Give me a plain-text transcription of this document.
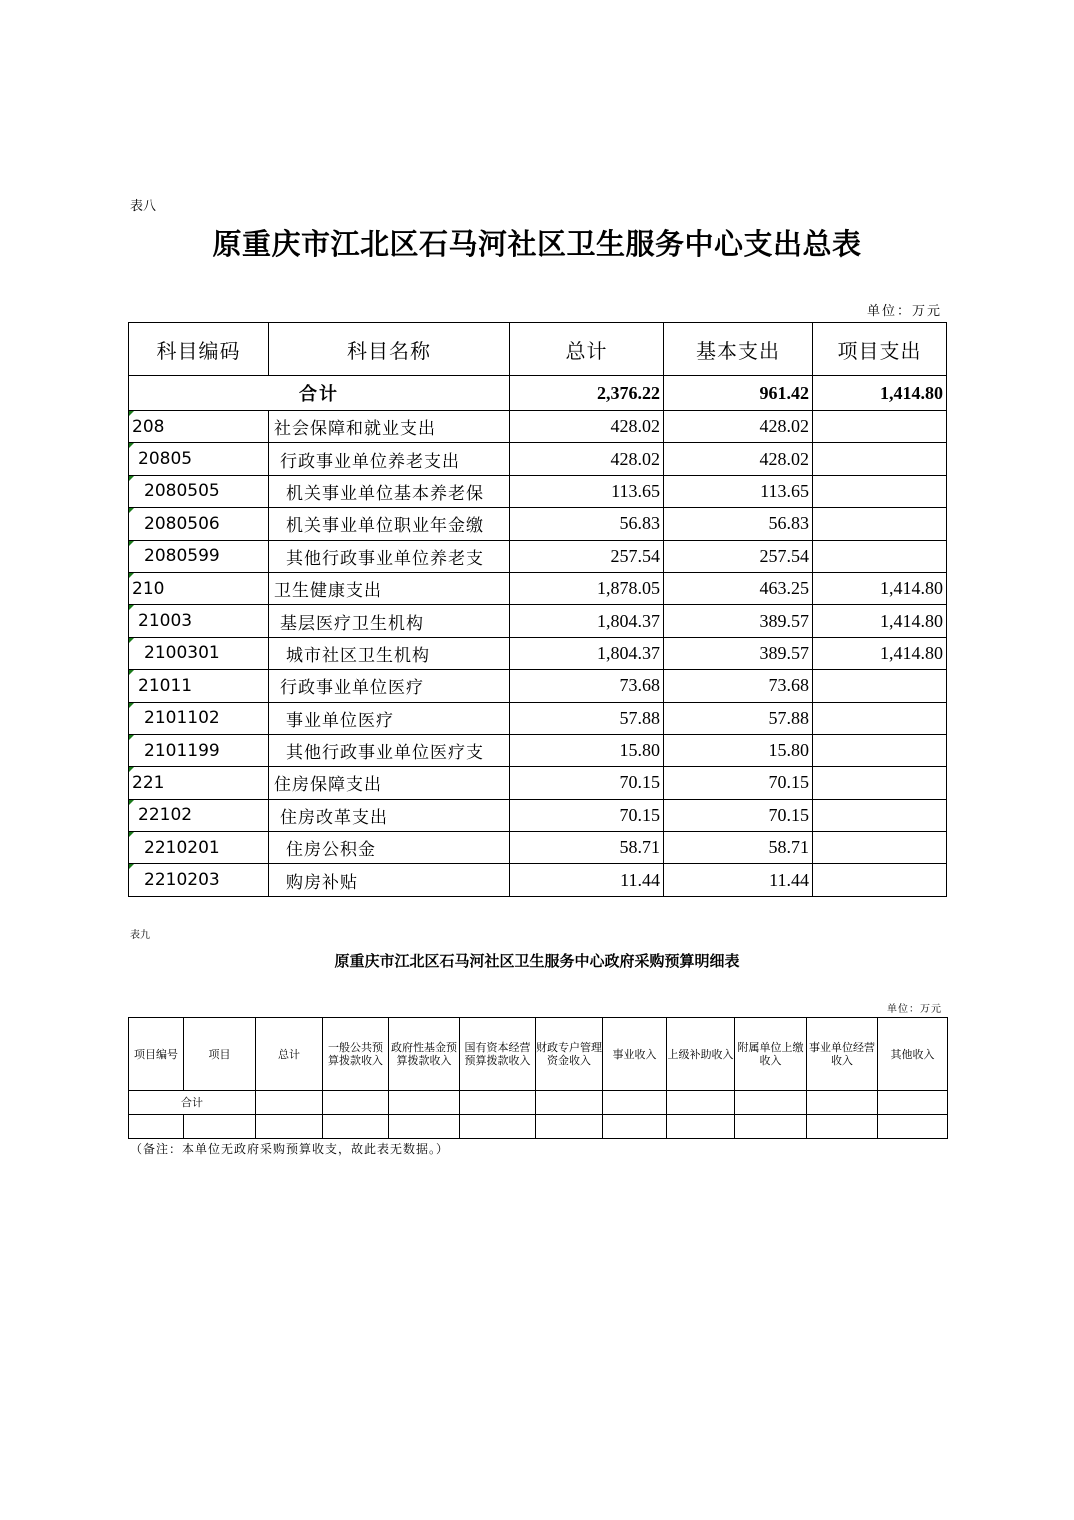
表八
原重庆市江北区石马河社区卫生服务中心支出总表
单位：万元
科目编码	科目名称	总计	基本支出	项目支出
合计		2,376.22	961.42	1,414.80
208	社会保障和就业支出	428.02	428.02	
20805	行政事业单位养老支出	428.02	428.02	
2080505	机关事业单位基本养老保	113.65	113.65	
2080506	机关事业单位职业年金缴	56.83	56.83	
2080599	其他行政事业单位养老支	257.54	257.54	
210	卫生健康支出	1,878.05	463.25	1,414.80
21003	基层医疗卫生机构	1,804.37	389.57	1,414.80
2100301	城市社区卫生机构	1,804.37	389.57	1,414.80
21011	行政事业单位医疗	73.68	73.68	
2101102	事业单位医疗	57.88	57.88	
2101199	其他行政事业单位医疗支	15.80	15.80	
221	住房保障支出	70.15	70.15	
22102	住房改革支出	70.15	70.15	
2210201	住房公积金	58.71	58.71	
2210203	购房补贴	11.44	11.44	
表九
原重庆市江北区石马河社区卫生服务中心政府采购预算明细表
单位：万元
项目编号	项目	总计	一般公共预算拨款收入	政府性基金预算拨款收入	国有资本经营预算拨款收入	财政专户管理资金收入	事业收入	上级补助收入	附属单位上缴收入	事业单位经营收入	其他收入
合计											

（备注：本单位无政府采购预算收支，故此表无数据。）
